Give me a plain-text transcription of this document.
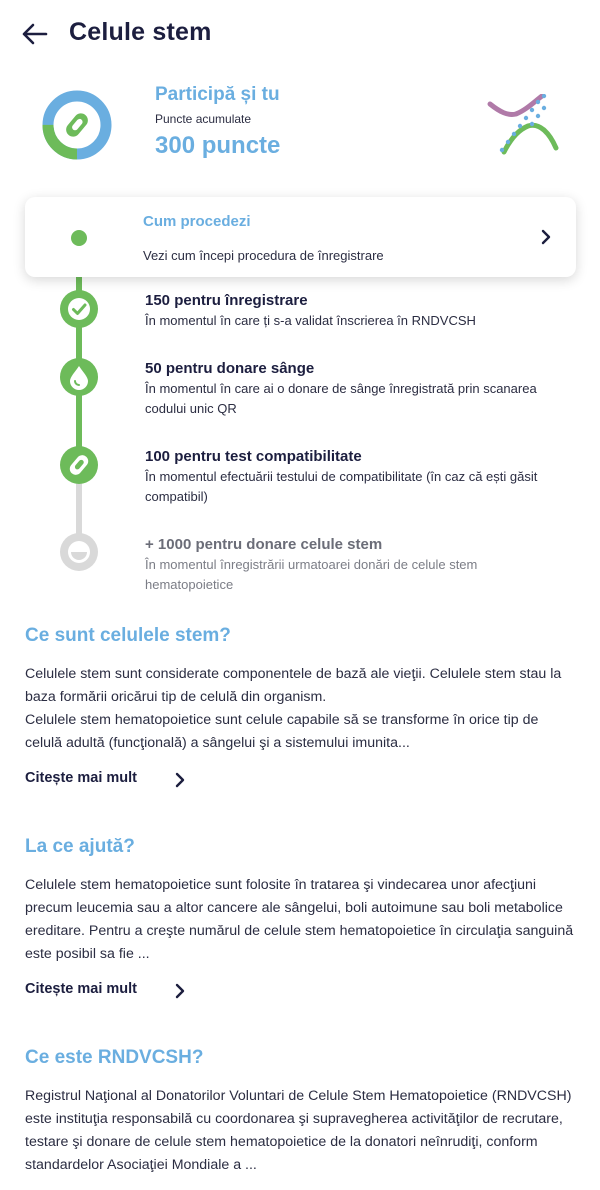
Celule stem
Participă și tu
Puncte acumulate
300 puncte
Cum procedezi
Vezi cum începi procedura de înregistrare
150 pentru înregistrare
În momentul în care ți s-a validat înscrierea în RNDVCSH
50 pentru donare sânge
În momentul în care ai o donare de sânge înregistrată prin scanarea codului unic QR
100 pentru test compatibilitate
În momentul efectuării testului de compatibilitate (în caz că ești găsit compatibil)
+ 1000 pentru donare celule stem
În momentul înregistrării urmatoarei donări de celule stem hematopoietice
Ce sunt celulele stem?
Celulele stem sunt considerate componentele de bază ale vieţii. Celulele stem stau la baza formării oricărui tip de celulă din organism.
Celulele stem hematopoietice sunt celule capabile să se transforme în orice tip de celulă adultă (funcţională) a sângelui şi a sistemului imunita...
Citește mai mult
La ce ajută?
Celulele stem hematopoietice sunt folosite în tratarea şi vindecarea unor afecţiuni precum leucemia sau a altor cancere ale sângelui, boli autoimune sau boli metabolice ereditare. Pentru a creşte numărul de celule stem hematopoietice în circulaţia sanguină este posibil sa fie ...
Citește mai mult
Ce este RNDVCSH?
Registrul Naţional al Donatorilor Voluntari de Celule Stem Hematopoietice (RNDVCSH) este instituţia responsabilă cu coordonarea şi supravegherea activităţilor de recrutare, testare şi donare de celule stem hematopoietice de la donatori neînrudiţi, conform standardelor Asociaţiei Mondiale a ...
